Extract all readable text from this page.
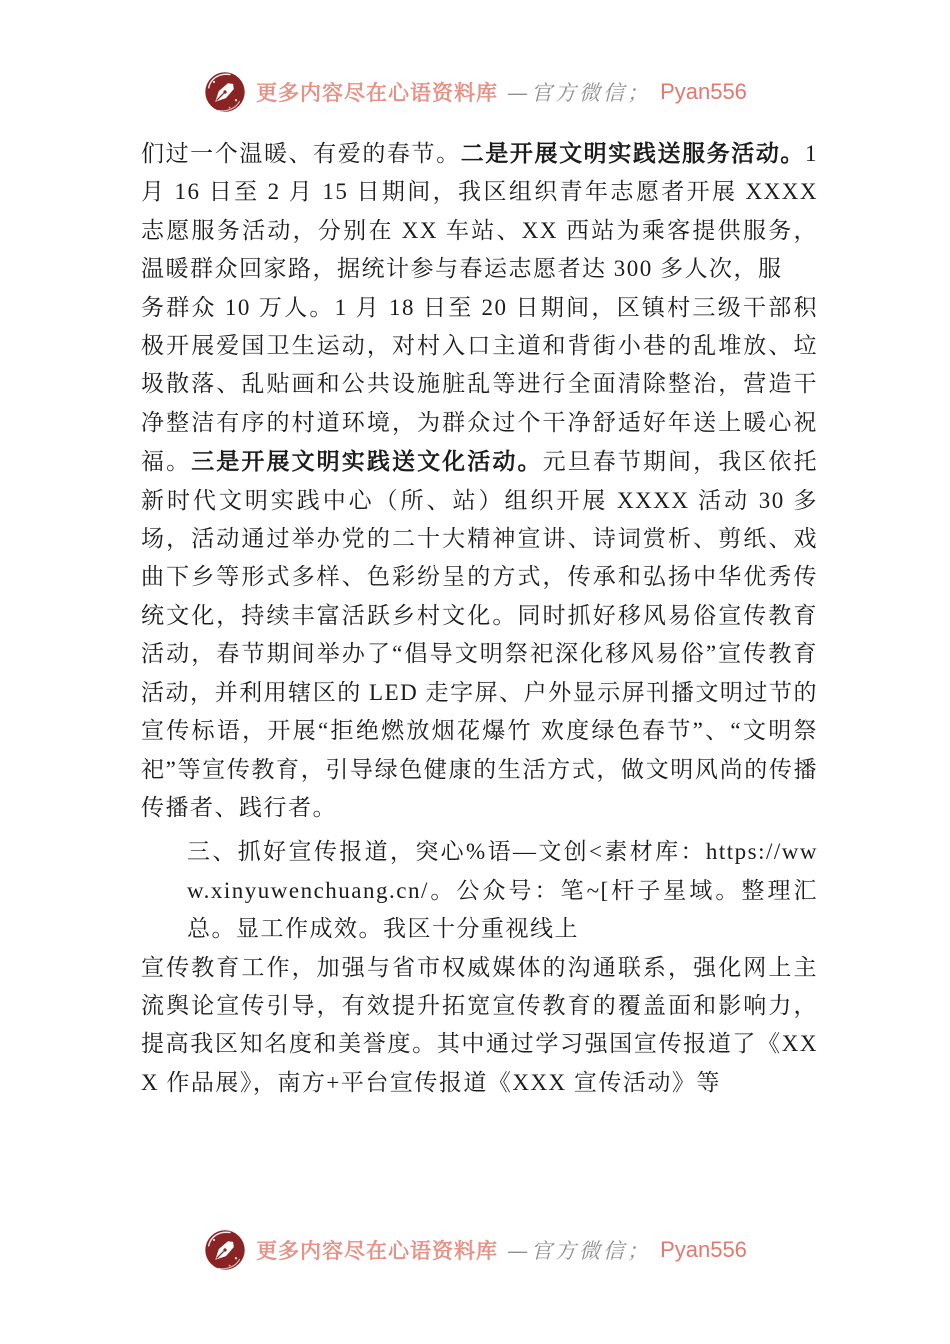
更多内容尽在心语资料库 —官方微信； Pyan556

们过一个温暖、有爱的春节。二是开展文明实践送服务活动。1 月 16 日至 2 月 15 日期间，我区组织青年志愿者开展 XXXX 志愿服务活动，分别在 XX 车站、XX 西站为乘客提供服务， 温暖群众回家路，据统计参与春运志愿者达 300 多人次，服

务群众 10 万人。1 月 18 日至 20 日期间，区镇村三级干部积极开展爱国卫生运动，对村入口主道和背街小巷的乱堆放、垃圾散落、乱贴画和公共设施脏乱等进行全面清除整治，营造干净整洁有序的村道环境，为群众过个干净舒适好年送上暖心祝福。三是开展文明实践送文化活动。元旦春节期间，我区依托新时代文明实践中心（所、站）组织开展 XXXX 活动 30 多场，活动通过举办党的二十大精神宣讲、诗词赏析、剪纸、戏曲下乡等形式多样、色彩纷呈的方式，传承和弘扬中华优秀传统文化，持续丰富活跃乡村文化。同时抓好移风易俗宣传教育活动，春节期间举办了“倡导文明祭祀深化移风易俗”宣传教育活动，并利用辖区的 LED 走字屏、户外显示屏刊播文明过节的宣传标语，开展“拒绝燃放烟花爆竹 欢度绿色春节”、“文明祭祀”等宣传教育，引导绿色健康的生活方式，做文明风尚的传播传播者、践行者。

三、抓好宣传报道，突心%语—文创<素材库：https://www.xinyuwenchuang.cn/。公众号：笔~[杆子星域。整理汇总。显工作成效。我区十分重视线上

宣传教育工作，加强与省市权威媒体的沟通联系，强化网上主流舆论宣传引导，有效提升拓宽宣传教育的覆盖面和影响力，提高我区知名度和美誉度。其中通过学习强国宣传报道了《XXX 作品展》，南方+平台宣传报道《XXX 宣传活动》等

更多内容尽在心语资料库 —官方微信； Pyan556
